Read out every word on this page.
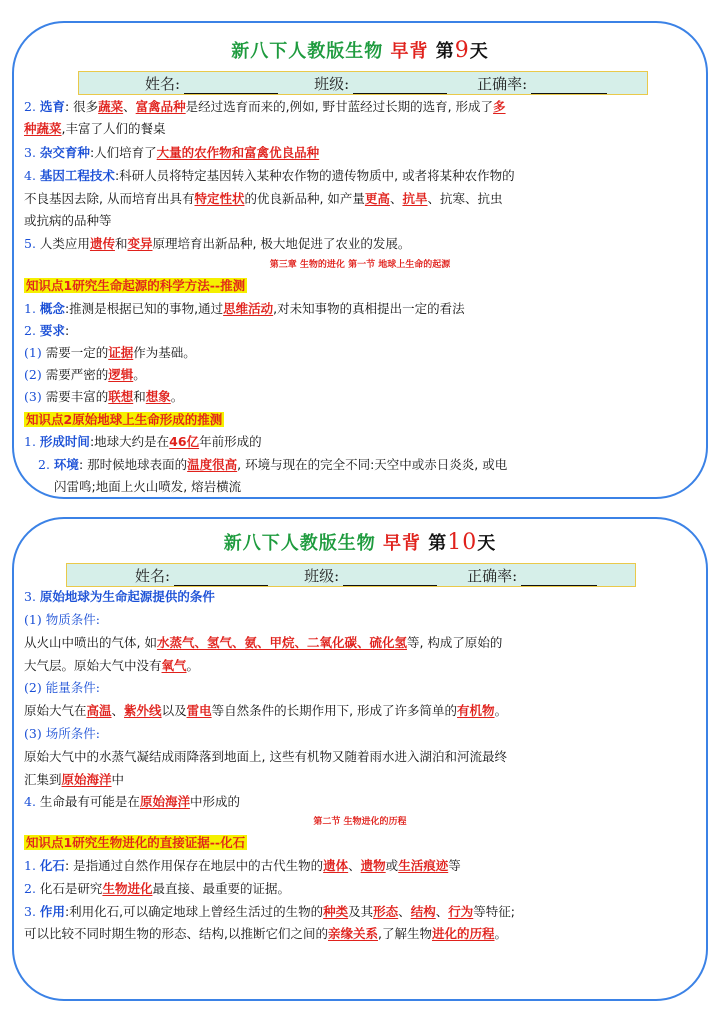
新八下人教版生物 早背 第9天
姓名:	班级:	正确率:
2. 选育: 很多蔬菜、富禽品种是经过选育而来的,例如, 野甘蓝经过长期的选育, 形成了多
种蔬菜,丰富了人们的餐桌
3. 杂交育种:人们培育了大量的农作物和富禽优良品种
4. 基因工程技术:科研人员将特定基因转入某种农作物的遗传物质中, 或者将某种农作物的
不良基因去除, 从而培育出具有特定性状的优良新品种, 如产量更高、抗旱、抗寒、抗虫
或抗病的品种等
5. 人类应用遗传和变异原理培育出新品种, 极大地促进了农业的发展。
第三章 生物的进化 第一节 地球上生命的起源
知识点1研究生命起源的科学方法--推测
1. 概念:推测是根据已知的事物,通过思维活动,对未知事物的真相提出一定的看法
2. 要求:
(1) 需要一定的证据作为基础。
(2) 需要严密的逻辑。
(3) 需要丰富的联想和想象。
知识点2原始地球上生命形成的推测
1. 形成时间:地球大约是在46亿年前形成的
2. 环境: 那时候地球表面的温度很高, 环境与现在的完全不同:天空中或赤日炎炎, 或电
闪雷鸣;地面上火山喷发, 熔岩横流
新八下人教版生物 早背 第10天
姓名:	班级:	正确率:
3. 原始地球为生命起源提供的条件
(1) 物质条件:
从火山中喷出的气体, 如水蒸气、氢气、氨、甲烷、二氧化碳、硫化氢等, 构成了原始的
大气层。原始大气中没有氧气。
(2) 能量条件:
原始大气在高温、紫外线以及雷电等自然条件的长期作用下, 形成了许多简单的有机物。
(3) 场所条件:
原始大气中的水蒸气凝结成雨降落到地面上, 这些有机物又随着雨水进入湖泊和河流最终
汇集到原始海洋中
4. 生命最有可能是在原始海洋中形成的
第二节 生物进化的历程
知识点1研究生物进化的直接证据--化石
1. 化石: 是指通过自然作用保存在地层中的古代生物的遗体、遗物或生活痕迹等
2. 化石是研究生物进化最直接、最重要的证据。
3. 作用:利用化石,可以确定地球上曾经生活过的生物的种类及其形态、结构、行为等特征;
可以比较不同时期生物的形态、结构,以推断它们之间的亲缘关系,了解生物进化的历程。
